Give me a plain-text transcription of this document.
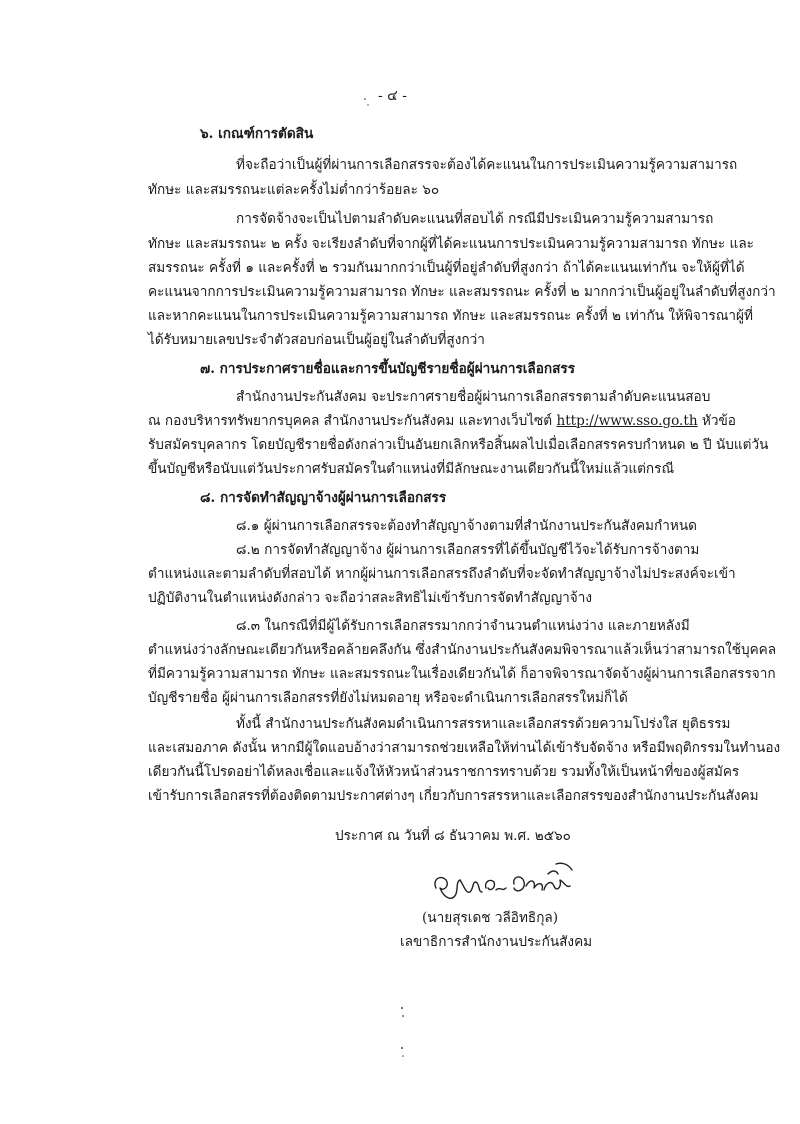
- ๔ -
๖. เกณฑ์การตัดสิน
ที่จะถือว่าเป็นผู้ที่ผ่านการเลือกสรรจะต้องได้คะแนนในการประเมินความรู้ความสามารถ
ทักษะ และสมรรถนะแต่ละครั้งไม่ต่ำกว่าร้อยละ ๖๐
การจัดจ้างจะเป็นไปตามลำดับคะแนนที่สอบได้ กรณีมีประเมินความรู้ความสามารถ
ทักษะ และสมรรถนะ ๒ ครั้ง จะเรียงลำดับที่จากผู้ที่ได้คะแนนการประเมินความรู้ความสามารถ ทักษะ และ
สมรรถนะ ครั้งที่ ๑ และครั้งที่ ๒ รวมกันมากกว่าเป็นผู้ที่อยู่ลำดับที่สูงกว่า ถ้าได้คะแนนเท่ากัน จะให้ผู้ที่ได้
คะแนนจากการประเมินความรู้ความสามารถ ทักษะ และสมรรถนะ ครั้งที่ ๒ มากกว่าเป็นผู้อยู่ในลำดับที่สูงกว่า
และหากคะแนนในการประเมินความรู้ความสามารถ ทักษะ และสมรรถนะ ครั้งที่ ๒ เท่ากัน ให้พิจารณาผู้ที่
ได้รับหมายเลขประจำตัวสอบก่อนเป็นผู้อยู่ในลำดับที่สูงกว่า
๗. การประกาศรายชื่อและการขึ้นบัญชีรายชื่อผู้ผ่านการเลือกสรร
สำนักงานประกันสังคม จะประกาศรายชื่อผู้ผ่านการเลือกสรรตามลำดับคะแนนสอบ
ณ กองบริหารทรัพยากรบุคคล สำนักงานประกันสังคม และทางเว็บไซต์ http://www.sso.go.th หัวข้อ
รับสมัครบุคลากร โดยบัญชีรายชื่อดังกล่าวเป็นอันยกเลิกหรือสิ้นผลไปเมื่อเลือกสรรครบกำหนด ๒ ปี นับแต่วัน
ขึ้นบัญชีหรือนับแต่วันประกาศรับสมัครในตำแหน่งที่มีลักษณะงานเดียวกันนี้ใหม่แล้วแต่กรณี
๘. การจัดทำสัญญาจ้างผู้ผ่านการเลือกสรร
๘.๑ ผู้ผ่านการเลือกสรรจะต้องทำสัญญาจ้างตามที่สำนักงานประกันสังคมกำหนด
๘.๒ การจัดทำสัญญาจ้าง ผู้ผ่านการเลือกสรรที่ได้ขึ้นบัญชีไว้จะได้รับการจ้างตาม
ตำแหน่งและตามลำดับที่สอบได้ หากผู้ผ่านการเลือกสรรถึงลำดับที่จะจัดทำสัญญาจ้างไม่ประสงค์จะเข้า
ปฏิบัติงานในตำแหน่งดังกล่าว จะถือว่าสละสิทธิไม่เข้ารับการจัดทำสัญญาจ้าง
๘.๓ ในกรณีที่มีผู้ได้รับการเลือกสรรมากกว่าจำนวนตำแหน่งว่าง และภายหลังมี
ตำแหน่งว่างลักษณะเดียวกันหรือคล้ายคลึงกัน ซึ่งสำนักงานประกันสังคมพิจารณาแล้วเห็นว่าสามารถใช้บุคคล
ที่มีความรู้ความสามารถ ทักษะ และสมรรถนะในเรื่องเดียวกันได้ ก็อาจพิจารณาจัดจ้างผู้ผ่านการเลือกสรรจาก
บัญชีรายชื่อ ผู้ผ่านการเลือกสรรที่ยังไม่หมดอายุ หรือจะดำเนินการเลือกสรรใหม่ก็ได้
ทั้งนี้ สำนักงานประกันสังคมดำเนินการสรรหาและเลือกสรรด้วยความโปร่งใส ยุติธรรม
และเสมอภาค ดังนั้น หากมีผู้ใดแอบอ้างว่าสามารถช่วยเหลือให้ท่านได้เข้ารับจัดจ้าง หรือมีพฤติกรรมในทำนอง
เดียวกันนี้โปรดอย่าได้หลงเชื่อและแจ้งให้หัวหน้าส่วนราชการทราบด้วย รวมทั้งให้เป็นหน้าที่ของผู้สมัคร
เข้ารับการเลือกสรรที่ต้องติดตามประกาศต่างๆ เกี่ยวกับการสรรหาและเลือกสรรของสำนักงานประกันสังคม
ประกาศ ณ วันที่ ๘ ธันวาคม พ.ศ. ๒๕๖๐
(นายสุรเดช วลีอิทธิกุล)
เลขาธิการสำนักงานประกันสังคม
